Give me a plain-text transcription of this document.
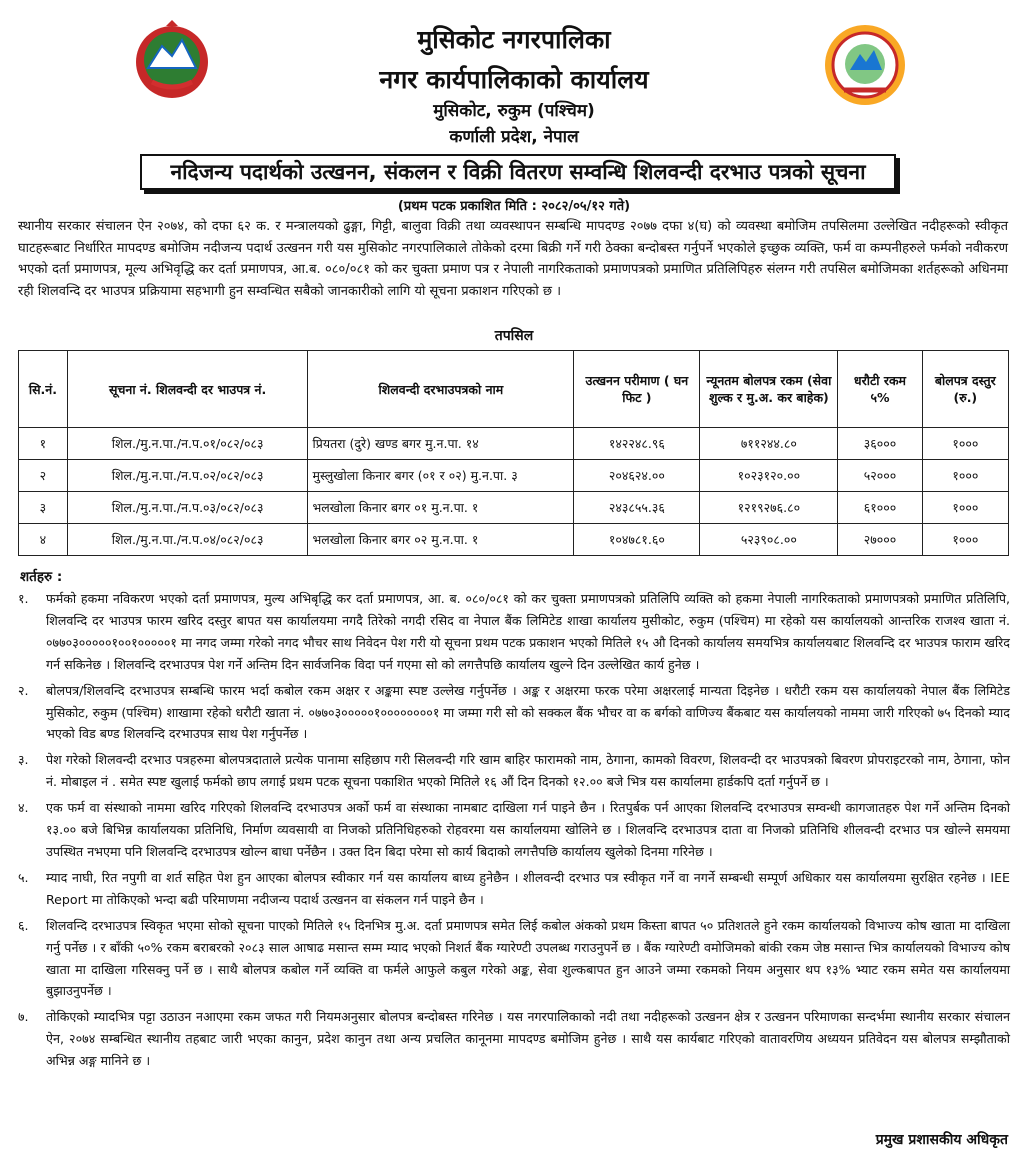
मुसिकोट नगरपालिका
नगर कार्यपालिकाको कार्यालय
मुसिकोट, रुकुम (पश्चिम)
कर्णाली प्रदेश, नेपाल
नदिजन्य पदार्थको उत्खनन, संकलन र विक्री वितरण सम्वन्धि शिलवन्दी दरभाउ पत्रको सूचना
(प्रथम पटक प्रकाशित मिति : २०८२/०५/१२ गते)
स्थानीय सरकार संचालन ऐन २०७४, को दफा ६२ क. र मन्त्रालयको ढुङ्गा, गिट्टी, बालुवा विक्री तथा व्यवस्थापन सम्बन्धि मापदण्ड २०७७ दफा ४(घ) को व्यवस्था बमोजिम तपसिलमा उल्लेखित नदीहरूको स्वीकृत घाटहरूबाट निर्धारित मापदण्ड बमोजिम नदीजन्य पदार्थ उत्खनन गरी यस मुसिकोट नगरपालिकाले तोकेको दरमा बिक्री गर्ने गरी ठेक्का बन्दोबस्त गर्नुपर्ने भएकोले इच्छुक व्यक्ति, फर्म वा कम्पनीहरुले फर्मको नवीकरण भएको दर्ता प्रमाणपत्र, मूल्य अभिवृद्धि कर दर्ता प्रमाणपत्र, आ.ब. ०८०/०८१ को कर चुक्ता प्रमाण पत्र र नेपाली नागरिकताको प्रमाणपत्रको प्रमाणित प्रतिलिपिहरु संलग्न गरी तपसिल बमोजिमका शर्तहरूको अधिनमा रही शिलवन्दि दर भाउपत्र प्रक्रियामा सहभागी हुन सम्वन्धित सबैको जानकारीको लागि यो सूचना प्रकाशन गरिएको छ ।
तपसिल
सि.नं.	सूचना नं. शिलवन्दी दर भाउपत्र नं.	शिलवन्दी दरभाउपत्रको नाम	उत्खनन परीमाण ( घन फिट )	न्यूनतम बोलपत्र रकम (सेवा शुल्क र मु.अ. कर बाहेक)	धरौटी रकम ५%	बोलपत्र दस्तुर (रु.)
१	शिल./मु.न.पा./न.प.०१/०८२/०८३	प्रियतरा (दुरे) खण्ड बगर मु.न.पा. १४	१४२२४८.९६	७११२४४.८०	३६०००	१०००
२	शिल./मु.न.पा./न.प.०२/०८२/०८३	मुस्लुखोला किनार बगर (०१ र ०२) मु.न.पा. ३	२०४६२४.००	१०२३१२०.००	५२०००	१०००
३	शिल./मु.न.पा./न.प.०३/०८२/०८३	भलखोला किनार बगर ०१ मु.न.पा. १	२४३८५५.३६	१२१९२७६.८०	६१०००	१०००
४	शिल./मु.न.पा./न.प.०४/०८२/०८३	भलखोला किनार बगर ०२ मु.न.पा. १	१०४७८१.६०	५२३९०८.००	२७०००	१०००
शर्तहरु :
१.	फर्मको हकमा नविकरण भएको दर्ता प्रमाणपत्र, मुल्य अभिबृद्धि कर दर्ता प्रमाणपत्र, आ. ब. ०८०/०८१ को कर चुक्ता प्रमाणपत्रको प्रतिलिपि व्यक्ति को हकमा नेपाली नागरिकताको प्रमाणपत्रको प्रमाणित प्रतिलिपि, शिलवन्दि दर भाउपत्र फारम खरिद दस्तुर बापत यस कार्यालयमा नगदै तिरेको नगदी रसिद वा नेपाल बैंक लिमिटेड शाखा कार्यालय मुसीकोट, रुकुम (पश्चिम) मा रहेको यस कार्यालयको आन्तरिक राजश्व खाता नं. ०७७०३०००००१००१०००००१ मा नगद जम्मा गरेको नगद भौचर साथ निवेदन पेश गरी यो सूचना प्रथम पटक प्रकाशन भएको मितिले १५ औ दिनको कार्यालय समयभित्र कार्यालयबाट शिलवन्दि दर भाउपत्र फाराम खरिद गर्न सकिनेछ । शिलवन्दि दरभाउपत्र पेश गर्ने अन्तिम दिन सार्वजनिक विदा पर्न गएमा सो को लगत्तैपछि कार्यालय खुल्ने दिन उल्लेखित कार्य हुनेछ ।
२.	बोलपत्र/शिलवन्दि दरभाउपत्र सम्बन्धि फारम भर्दा कबोल रकम अक्षर र अङ्कमा स्पष्ट उल्लेख गर्नुपर्नेछ । अङ्क र अक्षरमा फरक परेमा अक्षरलाई मान्यता दिइनेछ । धरौटी रकम यस कार्यालयको नेपाल बैंक लिमिटेड मुसिकोट, रुकुम (पश्चिम) शाखामा रहेको धरौटी खाता नं. ०७७०३०००००१००००००००१ मा जम्मा गरी सो को सक्कल बैंक भौचर वा क बर्गको वाणिज्य बैंकबाट यस कार्यालयको नाममा जारी गरिएको ७५ दिनको म्याद भएको विड बण्ड शिलवन्दि दरभाउपत्र साथ पेश गर्नुपर्नेछ ।
३.	पेश गरेको शिलवन्दी दरभाउ पत्रहरुमा बोलपत्रदाताले प्रत्येक पानामा सहिछाप गरी सिलवन्दी गरि खाम बाहिर फारामको नाम, ठेगाना, कामको विवरण, शिलवन्दी दर भाउपत्रको बिवरण प्रोपराइटरको नाम, ठेगाना, फोन नं. मोबाइल नं . समेत स्पष्ट खुलाई फर्मको छाप लगाई प्रथम पटक सूचना पकाशित भएको मितिले १६ औं दिन दिनको १२.०० बजे भित्र यस कार्यालमा हार्डकपि दर्ता गर्नुपर्ने छ ।
४.	एक फर्म वा संस्थाको नाममा खरिद गरिएको शिलवन्दि दरभाउपत्र अर्को फर्म वा संस्थाका नामबाट दाखिला गर्न पाइने छैन । रितपुर्बक पर्न आएका शिलवन्दि दरभाउपत्र सम्वन्धी कागजातहरु पेश गर्ने अन्तिम दिनको १३.०० बजे बिभिन्न कार्यालयका प्रतिनिधि, निर्माण व्यवसायी वा निजको प्रतिनिधिहरुको रोहवरमा यस कार्यालयमा खोलिने छ । शिलवन्दि दरभाउपत्र दाता वा निजको प्रतिनिधि शीलवन्दी दरभाउ पत्र खोल्ने समयमा उपस्थित नभएमा पनि शिलवन्दि दरभाउपत्र खोल्न बाधा पर्नेछैन । उक्त दिन बिदा परेमा सो कार्य बिदाको लगत्तैपछि कार्यालय खुलेको दिनमा गरिनेछ ।
५.	म्याद नाघी, रित नपुगी वा शर्त सहित पेश हुन आएका बोलपत्र स्वीकार गर्न यस कार्यालय बाध्य हुनेछैन । शीलवन्दी दरभाउ पत्र स्वीकृत गर्ने वा नगर्ने सम्बन्धी सम्पूर्ण अधिकार यस कार्यालयमा सुरक्षित रहनेछ । IEE Report मा तोकिएको भन्दा बढी परिमाणमा नदीजन्य पदार्थ उत्खनन वा संकलन गर्न पाइने छैन ।
६.	शिलवन्दि दरभाउपत्र स्विकृत भएमा सोको सूचना पाएको मितिले १५ दिनभित्र मु.अ. दर्ता प्रमाणपत्र समेत लिई कबोल अंकको प्रथम किस्ता बापत ५० प्रतिशतले हुने रकम कार्यालयको विभाज्य कोष खाता मा दाखिला गर्नु पर्नेछ । र बाँकी ५०% रकम बराबरको २०८३ साल आषाढ मसान्त सम्म म्याद भएको निशर्त बैंक ग्यारेण्टी उपलब्ध गराउनुपर्ने छ । बैंक ग्यारेण्टी वमोजिमको बांकी रकम जेष्ठ मसान्त भित्र कार्यालयको विभाज्य कोष खाता मा दाखिला गरिसक्नु पर्ने छ । साथै बोलपत्र कबोल गर्ने व्यक्ति वा फर्मले आफुले कबुल गरेको अङ्क, सेवा शुल्कबापत हुन आउने जम्मा रकमको नियम अनुसार थप १३% भ्याट रकम समेत यस कार्यालयमा बुझाउनुपर्नेछ ।
७.	तोकिएको म्यादभित्र पट्टा उठाउन नआएमा रकम जफत गरी नियमअनुसार बोलपत्र बन्दोबस्त गरिनेछ । यस नगरपालिकाको नदी तथा नदीहरूको उत्खनन क्षेत्र र उत्खनन परिमाणका सन्दर्भमा स्थानीय सरकार संचालन ऐन, २०७४ सम्बन्धित स्थानीय तहबाट जारी भएका कानुन, प्रदेश कानुन तथा अन्य प्रचलित कानूनमा मापदण्ड बमोजिम हुनेछ । साथै यस कार्यबाट गरिएको वातावरणिय अध्ययन प्रतिवेदन यस बोलपत्र सम्झौताको अभिन्न अङ्ग मानिने छ ।
प्रमुख प्रशासकीय अधिकृत
